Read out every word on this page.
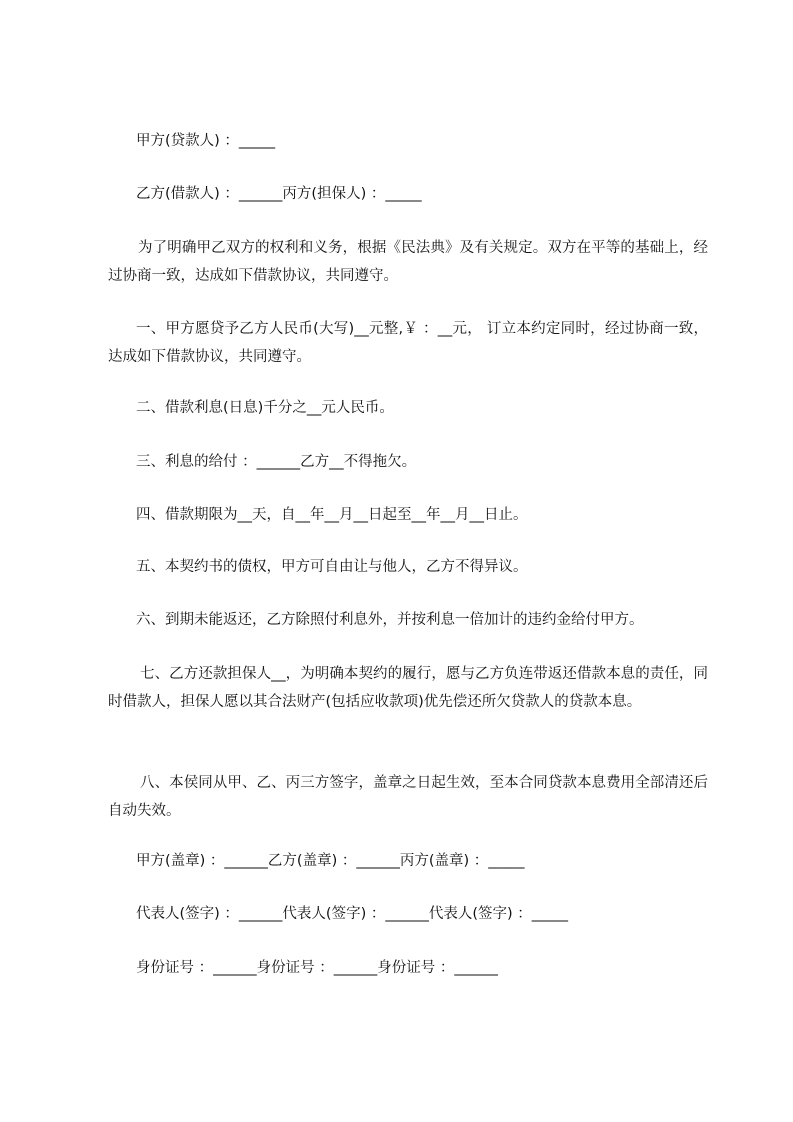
甲方(贷款人) ：_____
乙方(借款人) ：______丙方(担保人) ：_____
为了明确甲乙双方的权利和义务，根据《民法典》及有关规定。双方在平等的基础上，经过协商一致，达成如下借款协议，共同遵守。
一、甲方愿贷予乙方人民币(大写)__元整,￥ ：__元， 订立本约定同时，经过协商一致，达成如下借款协议，共同遵守。
二、借款利息(日息)千分之__元人民币。
三、利息的给付 ：______乙方__不得拖欠。
四、借款期限为__天，自__年__月__日起至__年__月__日止。
五、本契约书的债权，甲方可自由让与他人，乙方不得异议。
六、到期未能返还，乙方除照付利息外，并按利息一倍加计的违约金给付甲方。
七、乙方还款担保人__，为明确本契约的履行，愿与乙方负连带返还借款本息的责任，同时借款人，担保人愿以其合法财产(包括应收款项)优先偿还所欠贷款人的贷款本息。
八、本侯同从甲、乙、丙三方签字，盖章之日起生效，至本合同贷款本息费用全部清还后自动失效。
甲方(盖章) ：______乙方(盖章) ：______丙方(盖章) ：_____
代表人(签字) ：______代表人(签字) ：______代表人(签字) ：_____
身份证号 ：______身份证号 ：______身份证号 ：______
